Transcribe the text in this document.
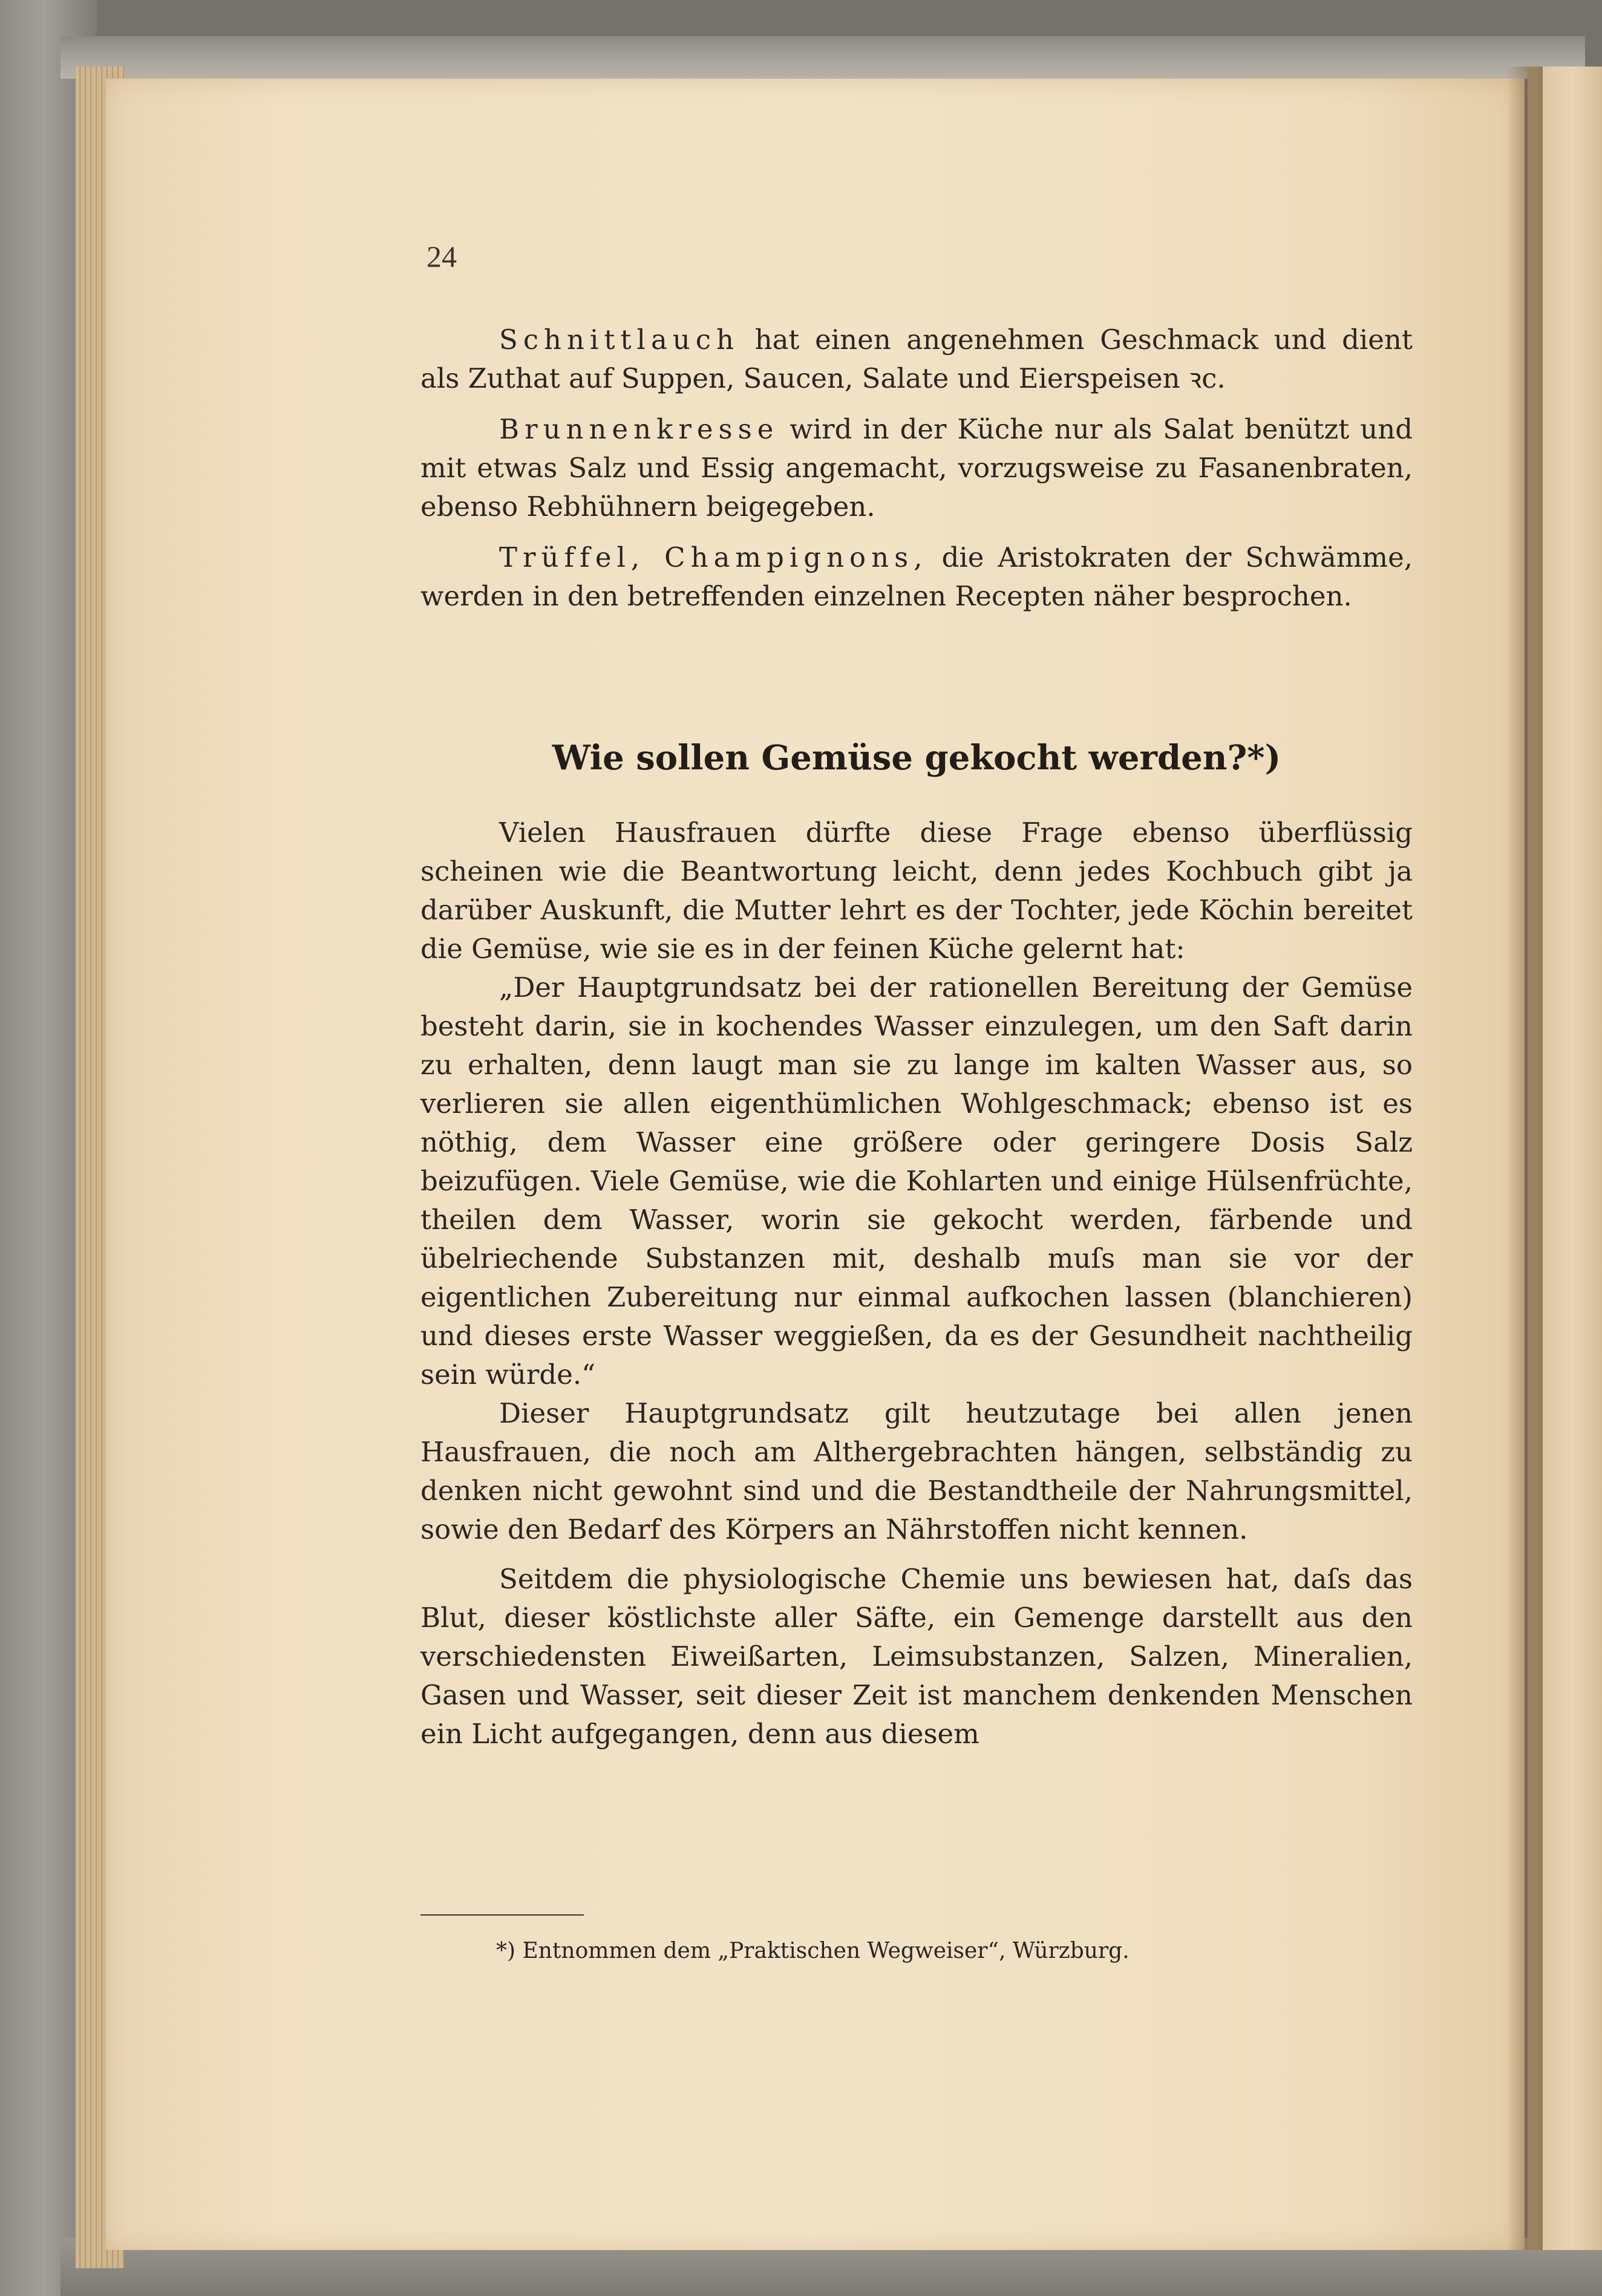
24

Schnittlauch hat einen angenehmen Geschmack und dient als Zuthat auf Suppen, Saucen, Salate und Eierspeisen ꝛc.

Brunnenkresse wird in der Küche nur als Salat benützt und mit etwas Salz und Essig angemacht, vorzugsweise zu Fasanenbraten, ebenso Rebhühnern beigegeben.

Trüffel, Champignons, die Aristokraten der Schwämme, werden in den betreffenden einzelnen Recepten näher besprochen.

Wie sollen Gemüse gekocht werden?*)

Vielen Hausfrauen dürfte diese Frage ebenso überflüssig scheinen wie die Beantwortung leicht, denn jedes Kochbuch gibt ja darüber Auskunft, die Mutter lehrt es der Tochter, jede Köchin bereitet die Gemüse, wie sie es in der feinen Küche gelernt hat:

„Der Hauptgrundsatz bei der rationellen Bereitung der Gemüse besteht darin, sie in kochendes Wasser einzulegen, um den Saft darin zu erhalten, denn laugt man sie zu lange im kalten Wasser aus, so verlieren sie allen eigenthümlichen Wohlgeschmack; ebenso ist es nöthig, dem Wasser eine größere oder geringere Dosis Salz beizufügen. Viele Gemüse, wie die Kohlarten und einige Hülsenfrüchte, theilen dem Wasser, worin sie gekocht werden, färbende und übelriechende Substanzen mit, deshalb muſs man sie vor der eigentlichen Zubereitung nur einmal aufkochen lassen (blanchieren) und dieses erste Wasser weggießen, da es der Gesundheit nachtheilig sein würde.“

Dieser Hauptgrundsatz gilt heutzutage bei allen jenen Hausfrauen, die noch am Althergebrachten hängen, selbständig zu denken nicht gewohnt sind und die Bestandtheile der Nahrungsmittel, sowie den Bedarf des Körpers an Nährstoffen nicht kennen.

Seitdem die physiologische Chemie uns bewiesen hat, daſs das Blut, dieser köstlichste aller Säfte, ein Gemenge darstellt aus den verschiedensten Eiweißarten, Leimsubstanzen, Salzen, Mineralien, Gasen und Wasser, seit dieser Zeit ist manchem denkenden Menschen ein Licht aufgegangen, denn aus diesem

*) Entnommen dem „Praktischen Wegweiser“, Würzburg.
